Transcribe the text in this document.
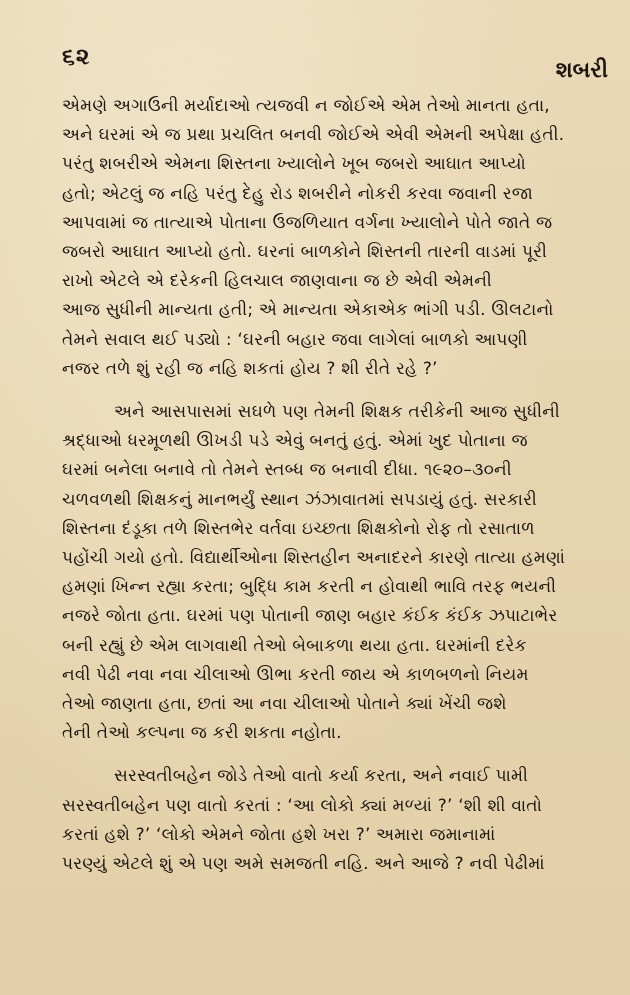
૬૨
શબરી

એમણે અગાઉની મર્યાદાઓ ત્યજવી ન જોઈએ એમ તેઓ માનતા હતા,
અને ઘરમાં એ જ પ્રથા પ્રચલિત બનવી જોઈએ એવી એમની અપેક્ષા હતી.
પરંતુ શબરીએ એમના શિસ્તના ખ્યાલોને ખૂબ જબરો આઘાત આપ્યો
હતો; એટલું જ નહિ પરંતુ દેહુ રોડ શબરીને નોકરી કરવા જવાની રજા
આપવામાં જ તાત્યાએ પોતાના ઉજળિયાત વર્ગના ખ્યાલોને પોતે જાતે જ
જબરો આઘાત આપ્યો હતો. ઘરનાં બાળકોને શિસ્તની તારની વાડમાં પૂરી
રાખો એટલે એ દરેકની હિલચાલ જાણવાના જ છે એવી એમની
આજ સુધીની માન્યતા હતી; એ માન્યતા એકાએક ભાંગી પડી. ઊલટાનો
તેમને સવાલ થઈ પડ્યો : ‘ઘરની બહાર જવા લાગેલાં બાળકો આપણી
નજર તળે શું રહી જ નહિ શકતાં હોય ? શી રીતે રહે ?’

અને આસપાસમાં સઘળે પણ તેમની શિક્ષક તરીકેની આજ સુધીની
શ્રદ્ધાઓ ધરમૂળથી ઊખડી પડે એવું બનતું હતું. એમાં ખુદ પોતાના જ
ઘરમાં બનેલા બનાવે તો તેમને સ્તબ્ધ જ બનાવી દીધા. ૧૯૨૦–૩૦ની
ચળવળથી શિક્ષકનું માનભર્યું સ્થાન ઝંઝાવાતમાં સપડાયું હતું. સરકારી
શિસ્તના દંડૂકા તળે શિસ્તભેર વર્તવા ઇચ્છતા શિક્ષકોનો રોફ તો રસાતાળ
પહોંચી ગયો હતો. વિદ્યાર્થીઓના શિસ્તહીન અનાદરને કારણે તાત્યા હમણાં
હમણાં ખિન્ન રહ્યા કરતા; બુદ્ધિ કામ કરતી ન હોવાથી ભાવિ તરફ ભયની
નજરે જોતા હતા. ઘરમાં પણ પોતાની જાણ બહાર કંઈક કંઈક ઝપાટાભેર
બની રહ્યું છે એમ લાગવાથી તેઓ બેબાકળા થયા હતા. ઘરમાંની દરેક
નવી પેઢી નવા નવા ચીલાઓ ઊભા કરતી જાય એ કાળબળનો નિયમ
તેઓ જાણતા હતા, છતાં આ નવા ચીલાઓ પોતાને ક્યાં ખેંચી જશે
તેની તેઓ કલ્પના જ કરી શકતા નહોતા.

સરસ્વતીબહેન જોડે તેઓ વાતો કર્યા કરતા, અને નવાઈ પામી
સરસ્વતીબહેન પણ વાતો કરતાં : ‘આ લોકો ક્યાં મળ્યાં ?’ ‘શી શી વાતો
કરતાં હશે ?’ ‘લોકો એમને જોતા હશે ખરા ?’ અમારા જમાનામાં
પરણ્યું એટલે શું એ પણ અમે સમજતી નહિ. અને આજે ? નવી પેઢીમાં
